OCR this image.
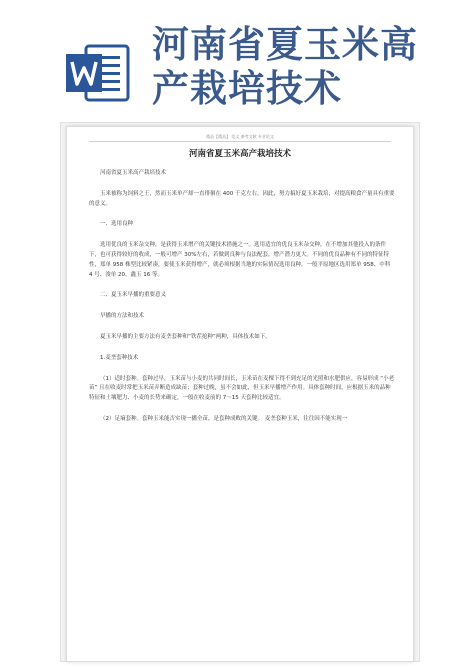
河南省夏玉米高产栽培技术
精品【精品】 范文 参考文献 专业论文
河南省夏玉米高产栽培技术
河南省夏玉米高产栽培技术
玉米被称为饲料之王，然而玉米单产却一直徘徊在 400 千克左右，因此，努力搞好夏玉米栽培，对提高粮食产量具有重要的意义。
一、选用良种
选用优良的玉米杂交种，是获得玉米增产的关键技术措施之一。选用适宜的优良玉米杂交种，在不增加其他投入的条件下，也可获得较好的收成，一般可增产 30%左右，若做到良种与良法配套，增产潜力更大。不同的优良品种有不同的特征特性，郑单 958 株型比较紧凑，要使玉米获得增产，就必须根据当地的实际情况选用良种。一般平原地区选用郑单 958、中科 4 号、浚单 20、鑫玉 16 等。
二、夏玉米早播的重要意义
早播的方法和技术
夏玉米早播的主要方法有麦垄套种和“铁茬抢种”两种，具体技术如下。
1.麦垄套种技术
（1）适时套种。套种过早，玉米苗与小麦的共同时间长，玉米苗在麦棵下得不到充足的光照和水肥供应，容易形成 “小老苗” 且在收麦时常把玉米苗弄断造成缺苗；套种过晚，虽不会如此，但玉米早播增产作用。具体套种时间，应根据玉米的品种特征和土壤肥力、小麦的长势来确定，一般在收麦前的 7～15 天套种比较适宜。
（2）足墒套种。套种玉米能否实现一播全苗，是套种成败的关键。 麦垄套种玉米，往往因不能实现一
